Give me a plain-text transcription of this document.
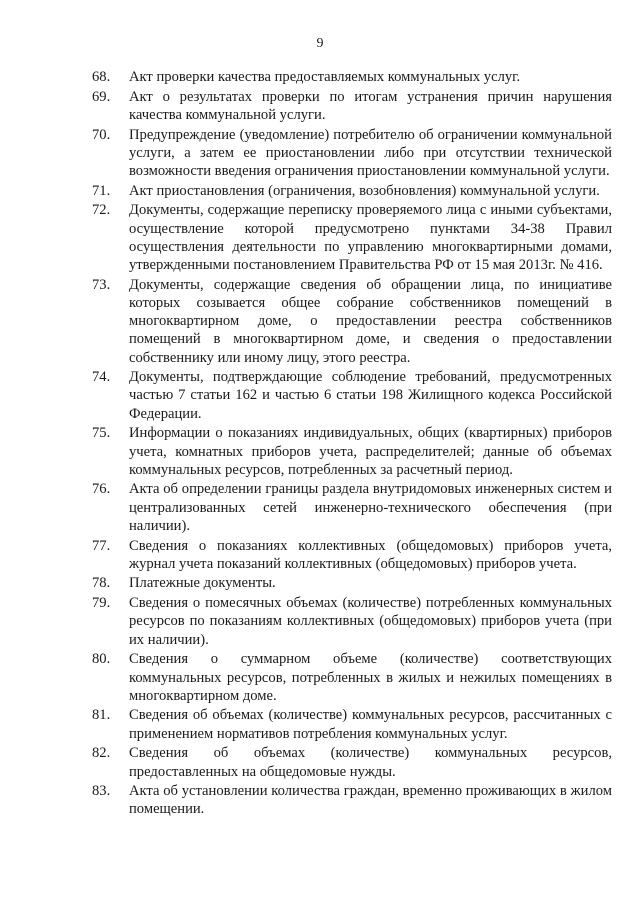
9
68.	Акт проверки качества предоставляемых коммунальных услуг.
69.	Акт о результатах проверки по итогам устранения причин нарушения качества коммунальной услуги.
70.	Предупреждение (уведомление) потребителю об ограничении коммунальной услуги, а затем ее приостановлении либо при отсутствии технической возможности введения ограничения приостановлении коммунальной услуги.
71.	Акт приостановления (ограничения, возобновления) коммунальной услуги.
72.	Документы, содержащие переписку проверяемого лица с иными субъектами, осуществление которой предусмотрено пунктами 34-38 Правил осуществления деятельности по управлению многоквартирными домами, утвержденными постановлением Правительства РФ от 15 мая 2013г. № 416.
73.	Документы, содержащие сведения об обращении лица, по инициативе которых созывается общее собрание собственников помещений в многоквартирном доме, о предоставлении реестра собственников помещений в многоквартирном доме, и сведения о предоставлении собственнику или иному лицу, этого реестра.
74.	Документы, подтверждающие соблюдение требований, предусмотренных частью 7 статьи 162 и частью 6 статьи 198 Жилищного кодекса Российской Федерации.
75.	Информации о показаниях индивидуальных, общих (квартирных) приборов учета, комнатных приборов учета, распределителей; данные об объемах коммунальных ресурсов, потребленных за расчетный период.
76.	Акта об определении границы раздела внутридомовых инженерных систем и централизованных сетей инженерно-технического обеспечения (при наличии).
77.	Сведения о показаниях коллективных (общедомовых) приборов учета, журнал учета показаний коллективных (общедомовых) приборов учета.
78.	Платежные документы.
79.	Сведения о помесячных объемах (количестве) потребленных коммунальных ресурсов по показаниям коллективных (общедомовых) приборов учета (при их наличии).
80.	Сведения о суммарном объеме (количестве) соответствующих коммунальных ресурсов, потребленных в жилых и нежилых помещениях в многоквартирном доме.
81.	Сведения об объемах (количестве) коммунальных ресурсов, рассчитанных с применением нормативов потребления коммунальных услуг.
82.	Сведения об объемах (количестве) коммунальных ресурсов, предоставленных на общедомовые нужды.
83.	Акта об установлении количества граждан, временно проживающих в жилом помещении.
